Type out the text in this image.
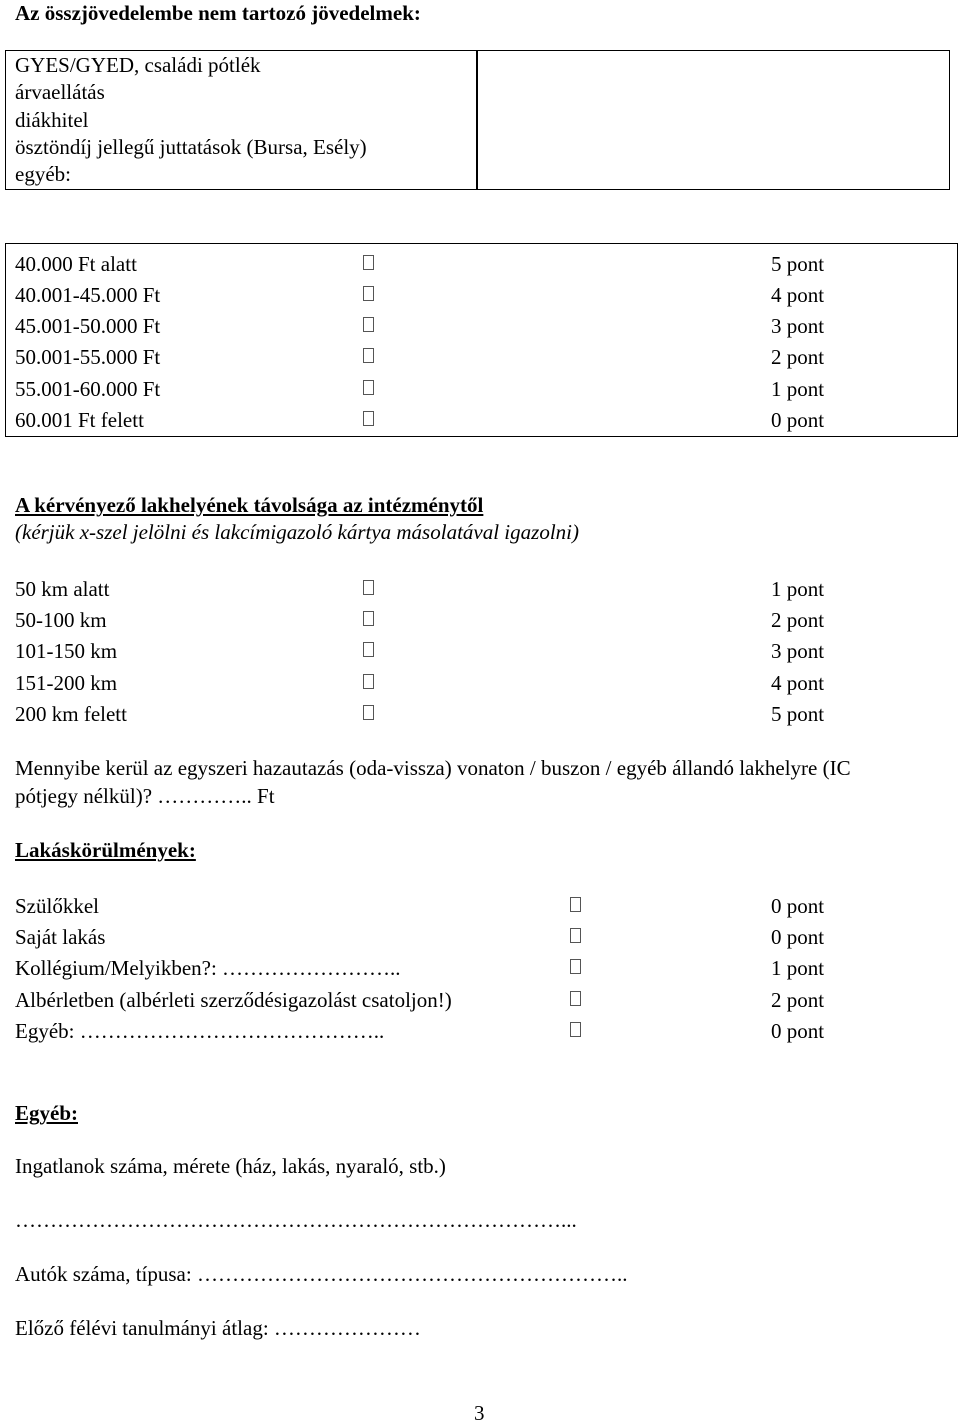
Az összjövedelembe nem tartozó jövedelmek:
GYES/GYED, családi pótlék
árvaellátás
diákhitel
ösztöndíj jellegű juttatások (Bursa, Esély)
egyéb:
40.000 Ft alatt	5 pont
40.001-45.000 Ft	4 pont
45.001-50.000 Ft	3 pont
50.001-55.000 Ft	2 pont
55.001-60.000 Ft	1 pont
60.001 Ft felett	0 pont
A kérvényező lakhelyének távolsága az intézménytől
(kérjük x-szel jelölni és lakcímigazoló kártya másolatával igazolni)
50 km alatt	1 pont
50-100 km	2 pont
101-150 km	3 pont
151-200 km	4 pont
200 km felett	5 pont
Mennyibe kerül az egyszeri hazautazás (oda-vissza) vonaton / buszon / egyéb állandó lakhelyre (IC
pótjegy nélkül)? ………….. Ft
Lakáskörülmények:
Szülőkkel	0 pont
Saját lakás	0 pont
Kollégium/Melyikben?: ……………………..	1 pont
Albérletben (albérleti szerződésigazolást csatoljon!)	2 pont
Egyéb: ……………………………………..	0 pont
Egyéb:
Ingatlanok száma, mérete (ház, lakás, nyaraló, stb.)
……………………………………………………………………...
Autók száma, típusa: ……………………………………………………..
Előző félévi tanulmányi átlag: …………………
3
